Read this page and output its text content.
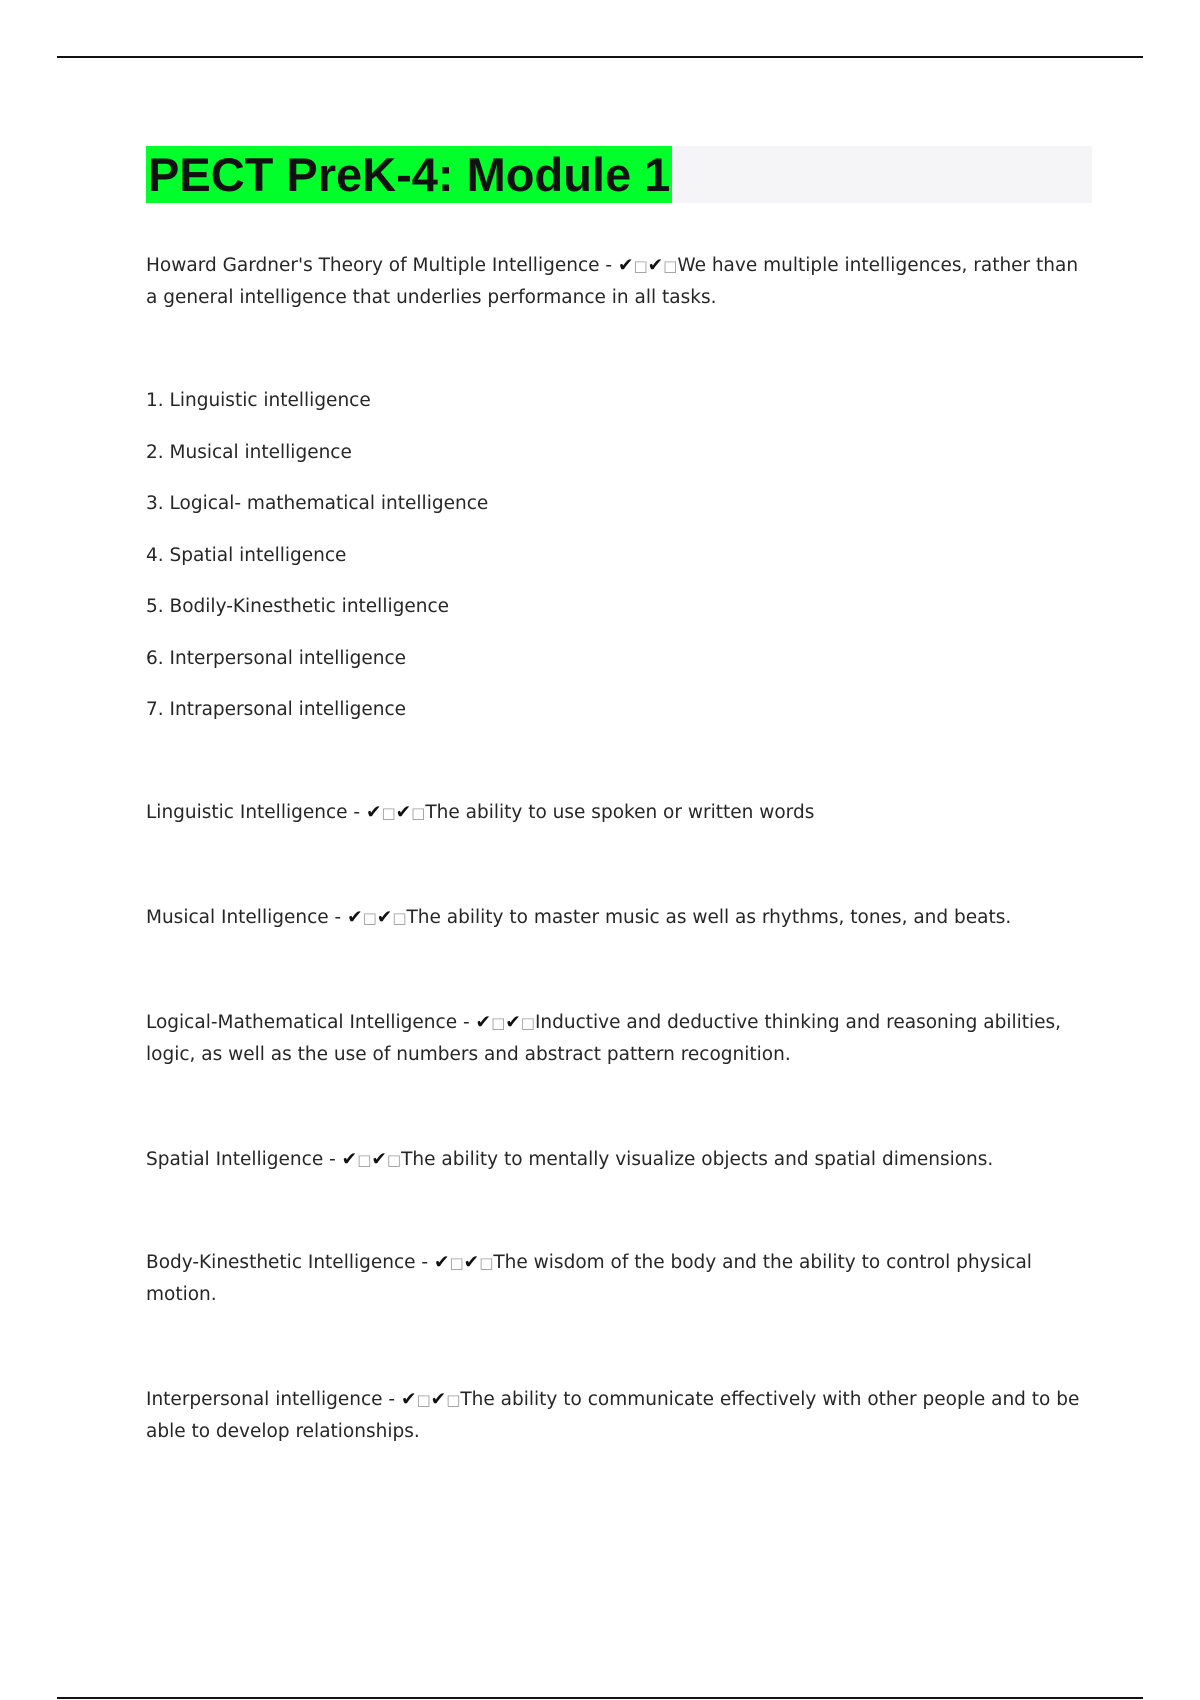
PECT PreK-4: Module 1

Howard Gardner's Theory of Multiple Intelligence - ✔□✔□We have multiple intelligences, rather than a general intelligence that underlies performance in all tasks.

1. Linguistic intelligence
2. Musical intelligence
3. Logical- mathematical intelligence
4. Spatial intelligence
5. Bodily-Kinesthetic intelligence
6. Interpersonal intelligence
7. Intrapersonal intelligence

Linguistic Intelligence - ✔□✔□The ability to use spoken or written words

Musical Intelligence - ✔□✔□The ability to master music as well as rhythms, tones, and beats.

Logical-Mathematical Intelligence - ✔□✔□Inductive and deductive thinking and reasoning abilities, logic, as well as the use of numbers and abstract pattern recognition.

Spatial Intelligence - ✔□✔□The ability to mentally visualize objects and spatial dimensions.

Body-Kinesthetic Intelligence - ✔□✔□The wisdom of the body and the ability to control physical motion.

Interpersonal intelligence - ✔□✔□The ability to communicate effectively with other people and to be able to develop relationships.
